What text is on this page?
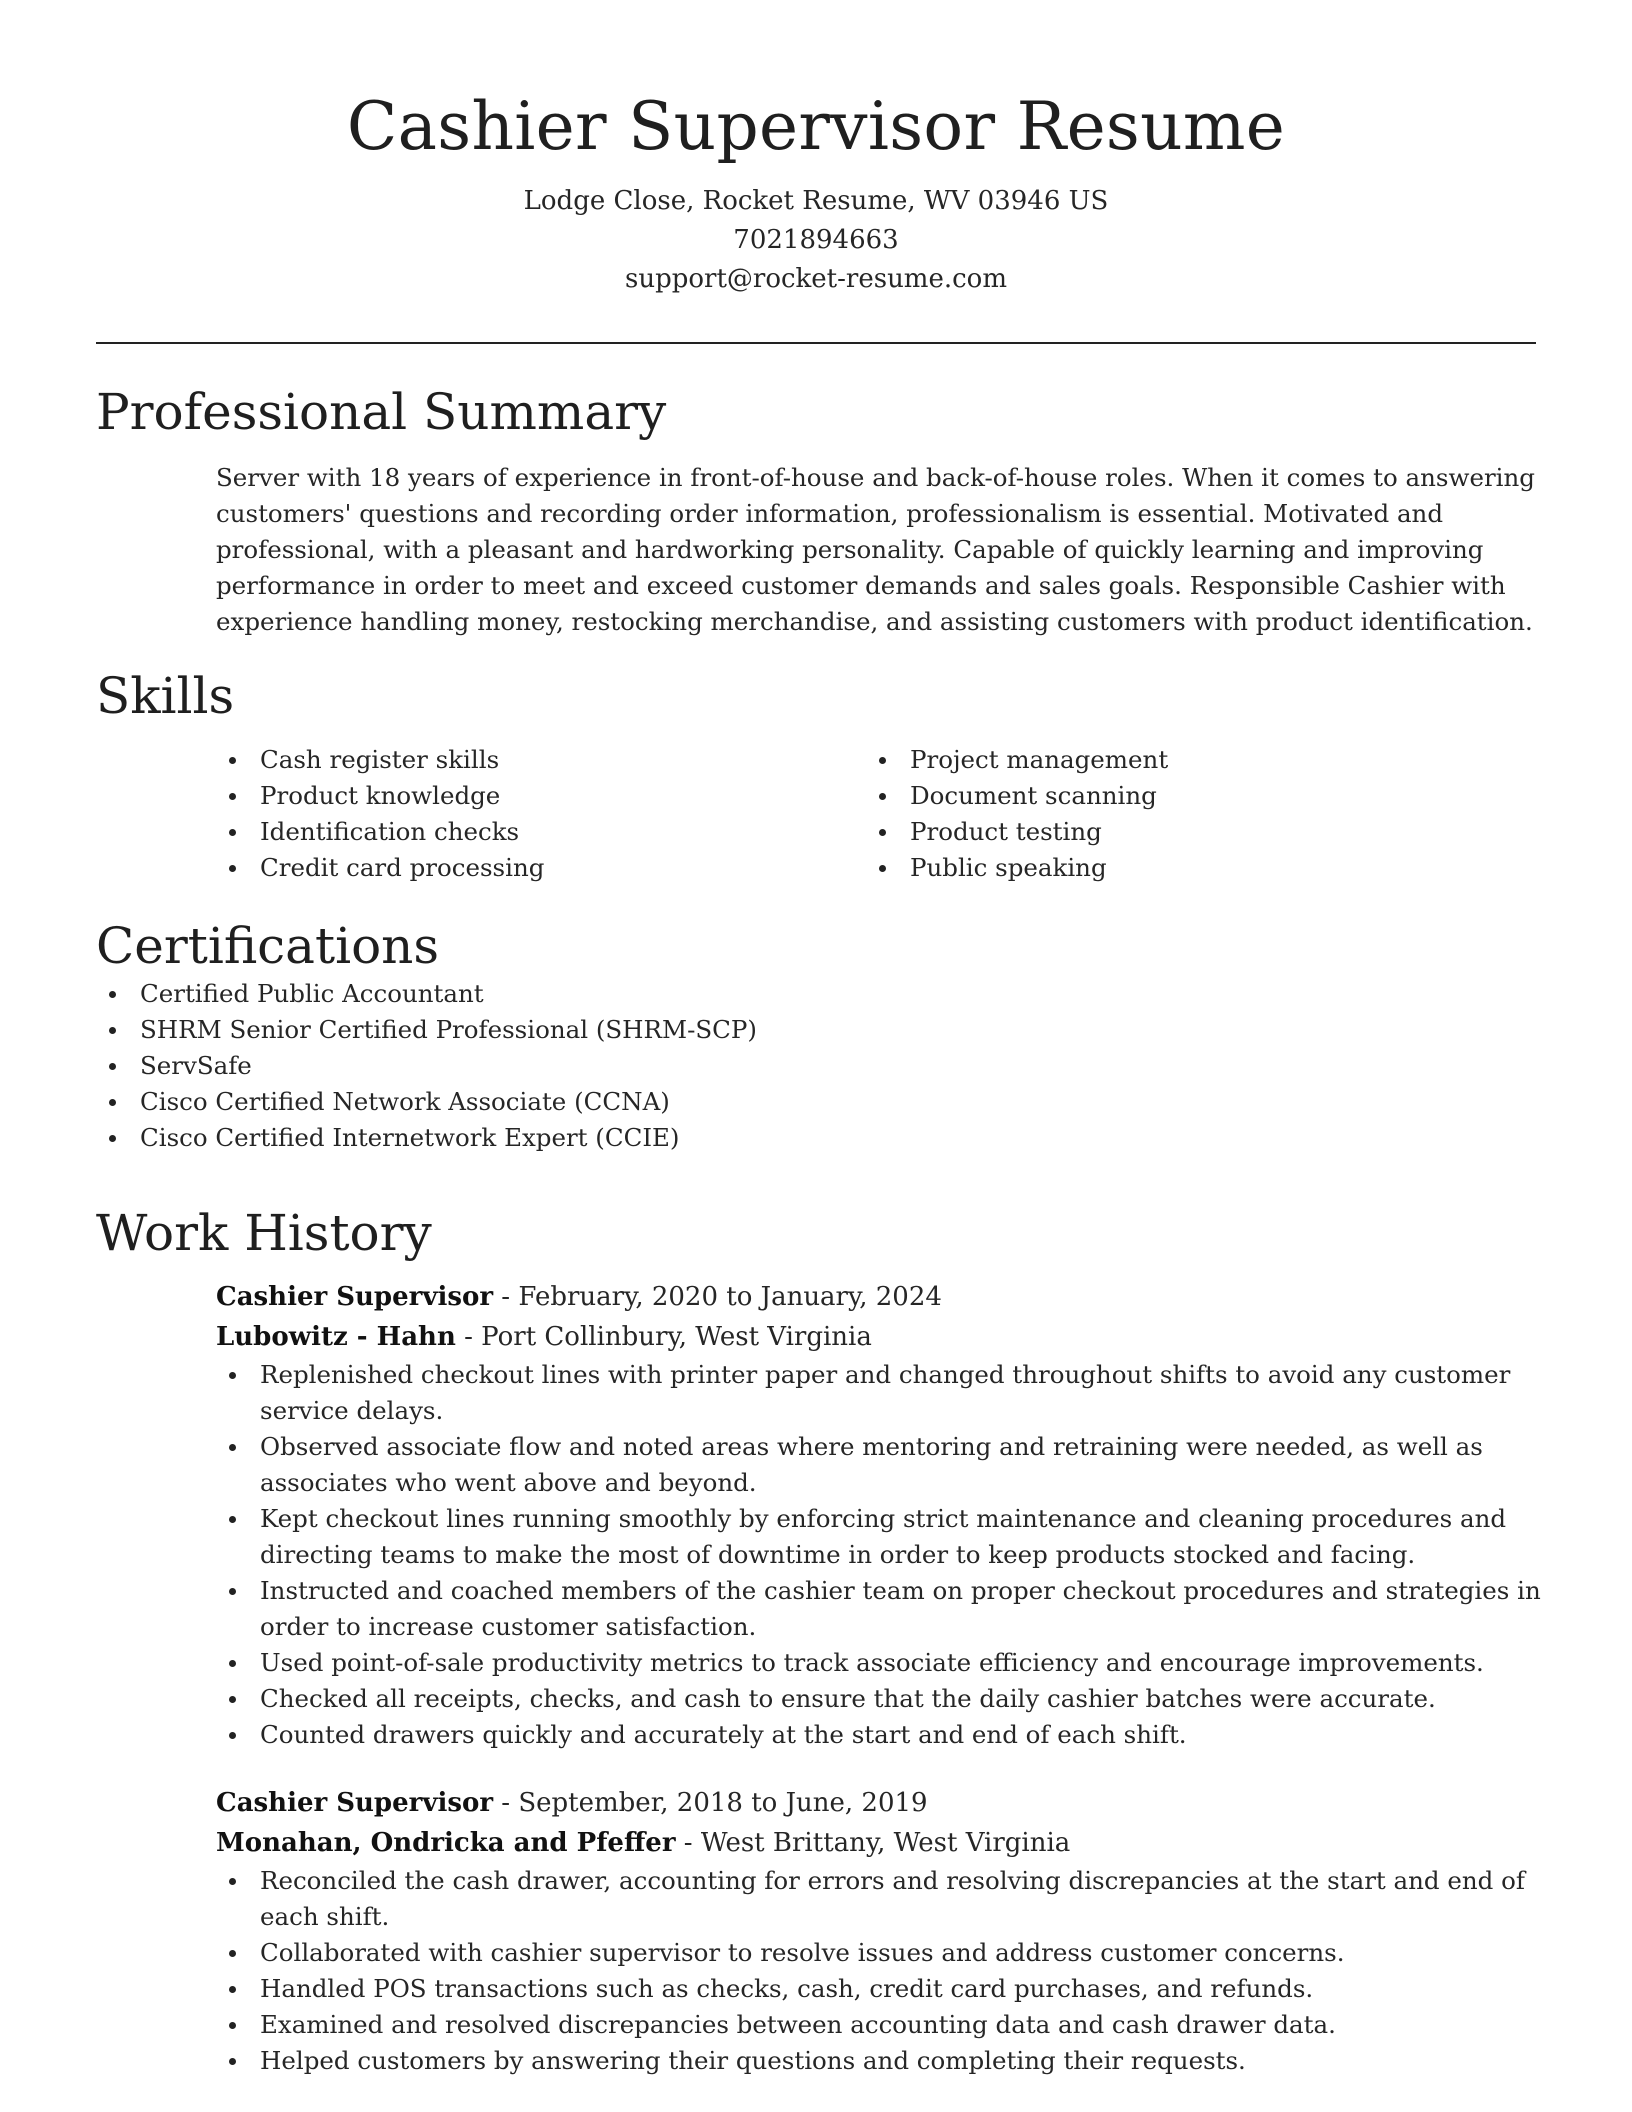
Cashier Supervisor Resume
Lodge Close, Rocket Resume, WV 03946 US
7021894663
support@rocket-resume.com
Professional Summary
Server with 18 years of experience in front-of-house and back-of-house roles. When it comes to answering customers' questions and recording order information, professionalism is essential. Motivated and professional, with a pleasant and hardworking personality. Capable of quickly learning and improving performance in order to meet and exceed customer demands and sales goals. Responsible Cashier with experience handling money, restocking merchandise, and assisting customers with product identification.
Skills
Cash register skills
Product knowledge
Identification checks
Credit card processing
Project management
Document scanning
Product testing
Public speaking
Certifications
Certified Public Accountant
SHRM Senior Certified Professional (SHRM-SCP)
ServSafe
Cisco Certified Network Associate (CCNA)
Cisco Certified Internetwork Expert (CCIE)
Work History
Cashier Supervisor - February, 2020 to January, 2024
Lubowitz - Hahn - Port Collinbury, West Virginia
Replenished checkout lines with printer paper and changed throughout shifts to avoid any customer service delays.
Observed associate flow and noted areas where mentoring and retraining were needed, as well as associates who went above and beyond.
Kept checkout lines running smoothly by enforcing strict maintenance and cleaning procedures and directing teams to make the most of downtime in order to keep products stocked and facing.
Instructed and coached members of the cashier team on proper checkout procedures and strategies in order to increase customer satisfaction.
Used point-of-sale productivity metrics to track associate efficiency and encourage improvements.
Checked all receipts, checks, and cash to ensure that the daily cashier batches were accurate.
Counted drawers quickly and accurately at the start and end of each shift.
Cashier Supervisor - September, 2018 to June, 2019
Monahan, Ondricka and Pfeffer - West Brittany, West Virginia
Reconciled the cash drawer, accounting for errors and resolving discrepancies at the start and end of each shift.
Collaborated with cashier supervisor to resolve issues and address customer concerns.
Handled POS transactions such as checks, cash, credit card purchases, and refunds.
Examined and resolved discrepancies between accounting data and cash drawer data.
Helped customers by answering their questions and completing their requests.
